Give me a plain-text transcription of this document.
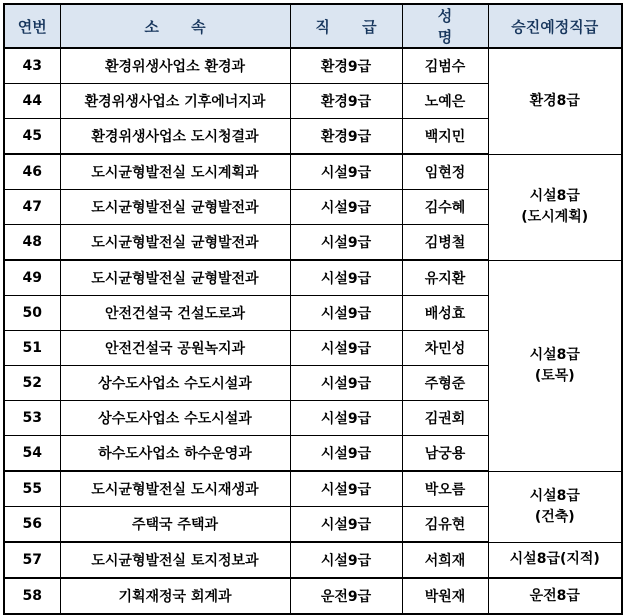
연번	소 속	직 급	성 명	승진예정직급
43	환경위생사업소 환경과	환경9급	김범수	환경8급
44	환경위생사업소 기후에너지과	환경9급	노예은	
45	환경위생사업소 도시청결과	환경9급	백지민	
46	도시균형발전실 도시계획과	시설9급	임현정	시설8급
(도시계획)

47	도시균형발전실 균형발전과	시설9급	김수혜	
48	도시균형발전실 균형발전과	시설9급	김병철	
49	도시균형발전실 균형발전과	시설9급	유지환	시설8급
(토목)

50	안전건설국 건설도로과	시설9급	배성효	
51	안전건설국 공원녹지과	시설9급	차민성	
52	상수도사업소 수도시설과	시설9급	주형준	
53	상수도사업소 수도시설과	시설9급	김권회	
54	하수도사업소 하수운영과	시설9급	남궁용	
55	도시균형발전실 도시재생과	시설9급	박오름	시설8급
(건축)

56	주택국 주택과	시설9급	김유현	
57	도시균형발전실 토지정보과	시설9급	서희재	시설8급(지적)
58	기획재정국 회계과	운전9급	박원재	운전8급
